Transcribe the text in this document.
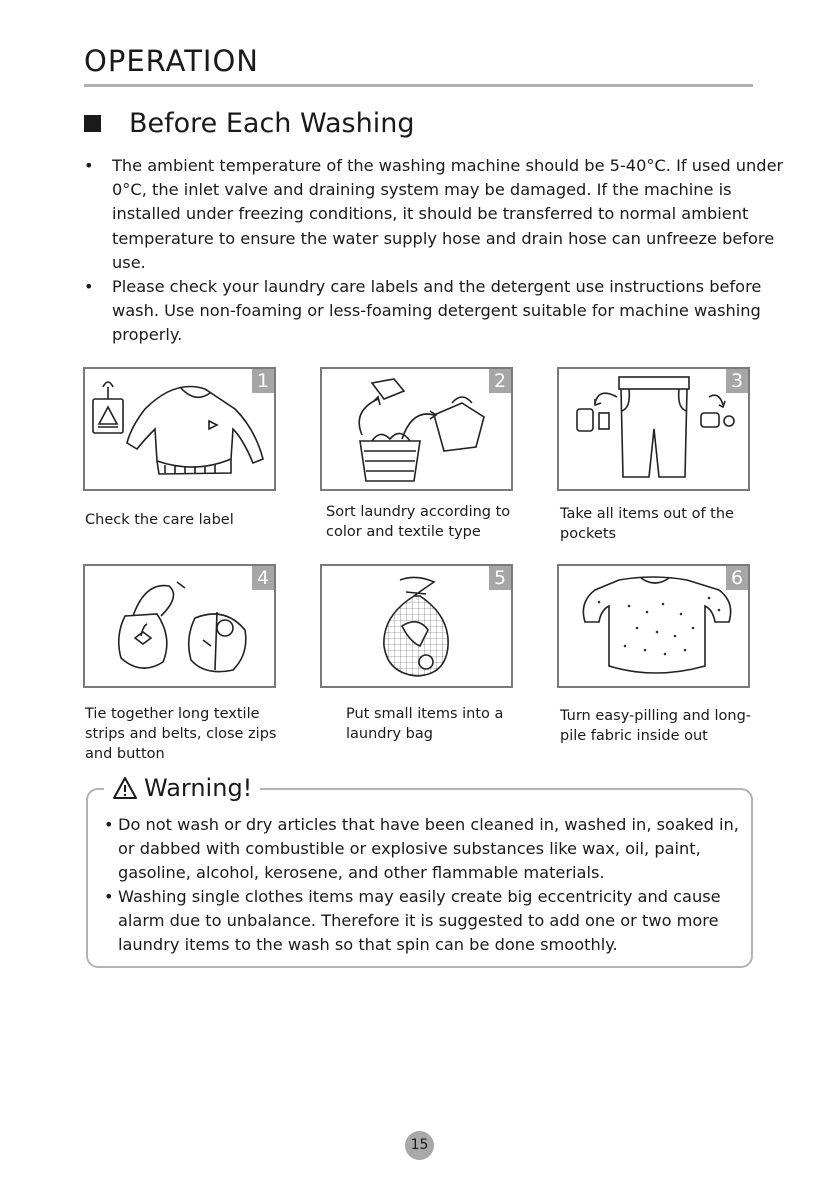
OPERATION
Before Each Washing
• The ambient temperature of the washing machine should be 5-40°C. If used under 0°C, the inlet valve and draining system may be damaged. If the machine is installed under freezing conditions, it should be transferred to normal ambient temperature to ensure the water supply hose and drain hose can unfreeze before use.
• Please check your laundry care labels and the detergent use instructions before wash. Use non-foaming or less-foaming detergent suitable for machine washing properly.
1
Check the care label
2
Sort laundry according to color and textile type
3
Take all items out of the pockets
4
Tie together long textile strips and belts, close zips and button
5
Put small items into a laundry bag
6
Turn easy-pilling and long-pile fabric inside out
Warning!
• Do not wash or dry articles that have been cleaned in, washed in, soaked in, or dabbed with combustible or explosive substances like wax, oil, paint, gasoline, alcohol, kerosene, and other flammable materials.
• Washing single clothes items may easily create big eccentricity and cause alarm due to unbalance. Therefore it is suggested to add one or two more laundry items to the wash so that spin can be done smoothly.
15
